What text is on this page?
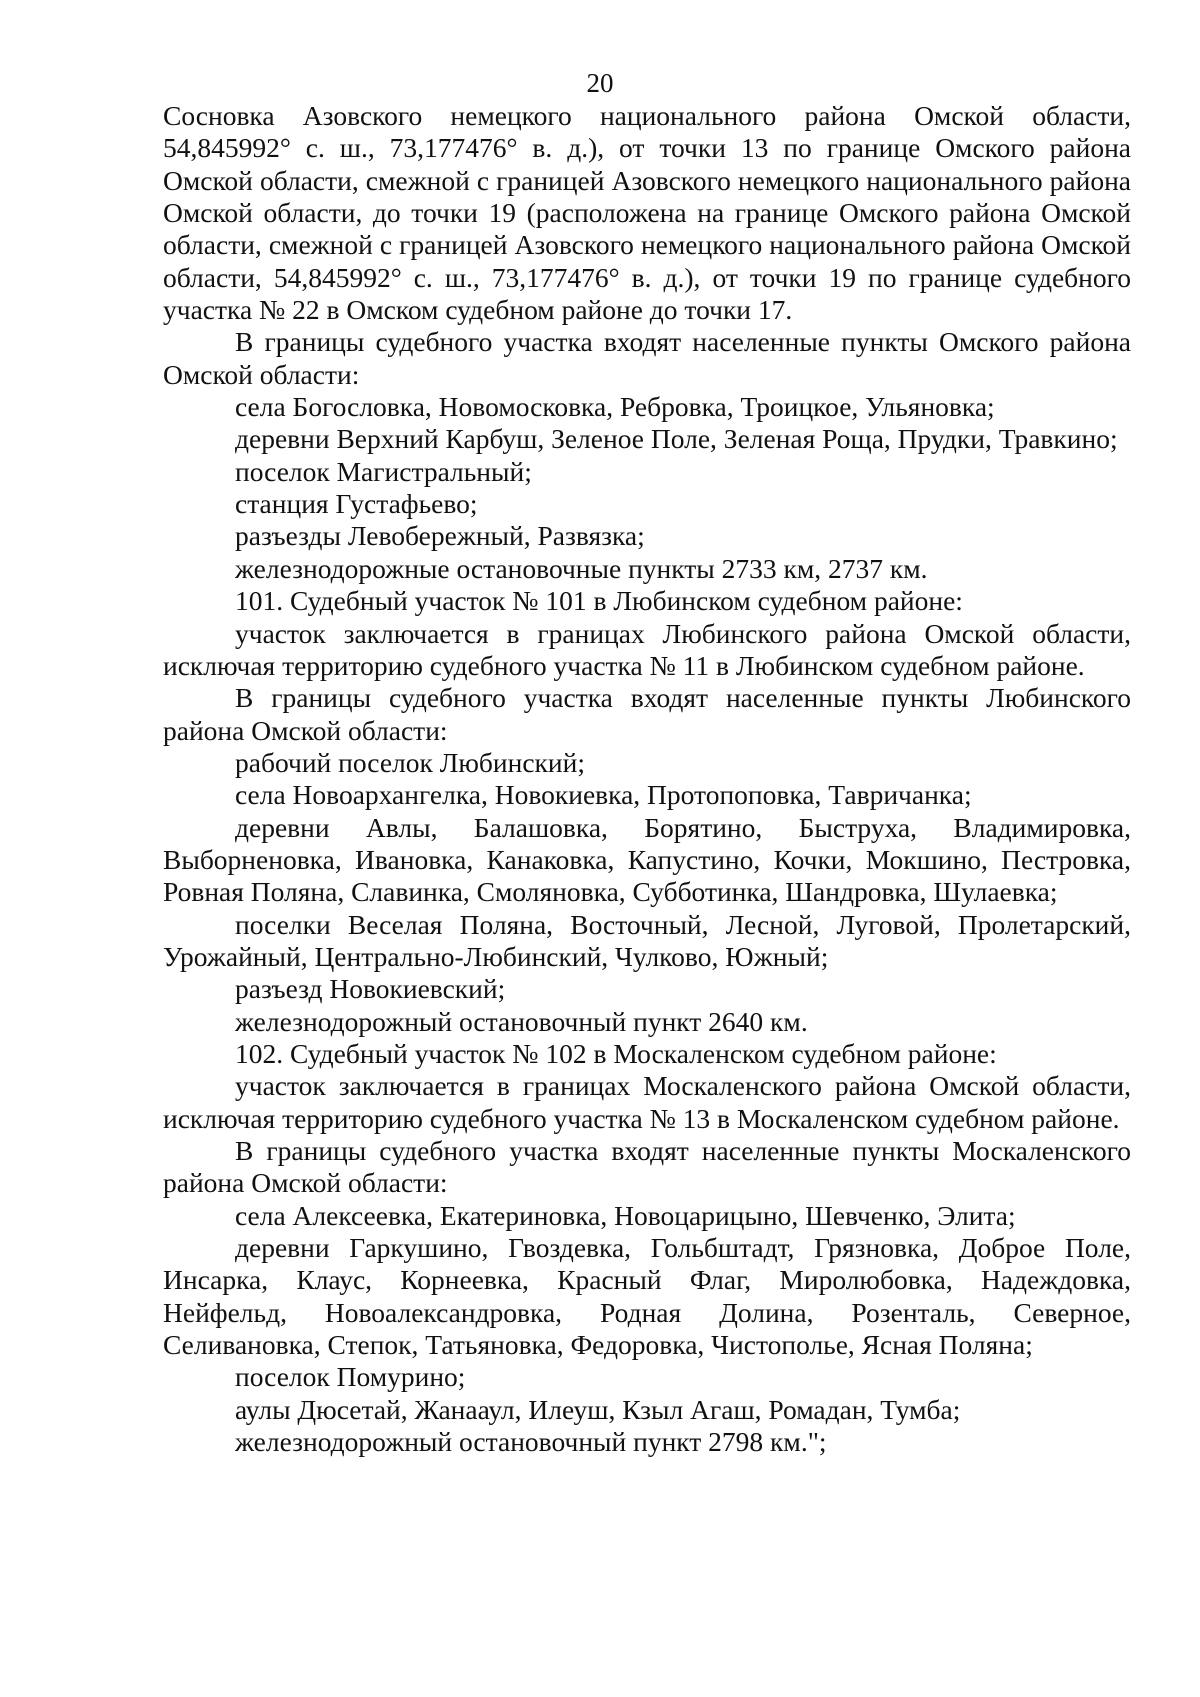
20

Сосновка Азовского немецкого национального района Омской области, 54,845992° с. ш., 73,177476° в. д.), от точки 13 по границе Омского района Омской области, смежной с границей Азовского немецкого национального района Омской области, до точки 19 (расположена на границе Омского района Омской области, смежной с границей Азовского немецкого национального района Омской области, 54,845992° с. ш., 73,177476° в. д.), от точки 19 по границе судебного участка № 22 в Омском судебном районе до точки 17.

В границы судебного участка входят населенные пункты Омского района Омской области:

села Богословка, Новомосковка, Ребровка, Троицкое, Ульяновка;

деревни Верхний Карбуш, Зеленое Поле, Зеленая Роща, Прудки, Травкино;

поселок Магистральный;

станция Густафьево;

разъезды Левобережный, Развязка;

железнодорожные остановочные пункты 2733 км, 2737 км.

101. Судебный участок № 101 в Любинском судебном районе:

участок заключается в границах Любинского района Омской области, исключая территорию судебного участка № 11 в Любинском судебном районе.

В границы судебного участка входят населенные пункты Любинского района Омской области:

рабочий поселок Любинский;

села Новоархангелка, Новокиевка, Протопоповка, Тавричанка;

деревни Авлы, Балашовка, Борятино, Быструха, Владимировка, Выборненовка, Ивановка, Канаковка, Капустино, Кочки, Мокшино, Пестровка, Ровная Поляна, Славинка, Смоляновка, Субботинка, Шандровка, Шулаевка;

поселки Веселая Поляна, Восточный, Лесной, Луговой, Пролетарский, Урожайный, Центрально-Любинский, Чулково, Южный;

разъезд Новокиевский;

железнодорожный остановочный пункт 2640 км.

102. Судебный участок № 102 в Москаленском судебном районе:

участок заключается в границах Москаленского района Омской области, исключая территорию судебного участка № 13 в Москаленском судебном районе.

В границы судебного участка входят населенные пункты Москаленского района Омской области:

села Алексеевка, Екатериновка, Новоцарицыно, Шевченко, Элита;

деревни Гаркушино, Гвоздевка, Гольбштадт, Грязновка, Доброе Поле, Инсарка, Клаус, Корнеевка, Красный Флаг, Миролюбовка, Надеждовка, Нейфельд, Новоалександровка, Родная Долина, Розенталь, Северное, Селивановка, Степок, Татьяновка, Федоровка, Чистополье, Ясная Поляна;

поселок Помурино;

аулы Дюсетай, Жанааул, Илеуш, Кзыл Агаш, Ромадан, Тумба;

железнодорожный остановочный пункт 2798 км.";
